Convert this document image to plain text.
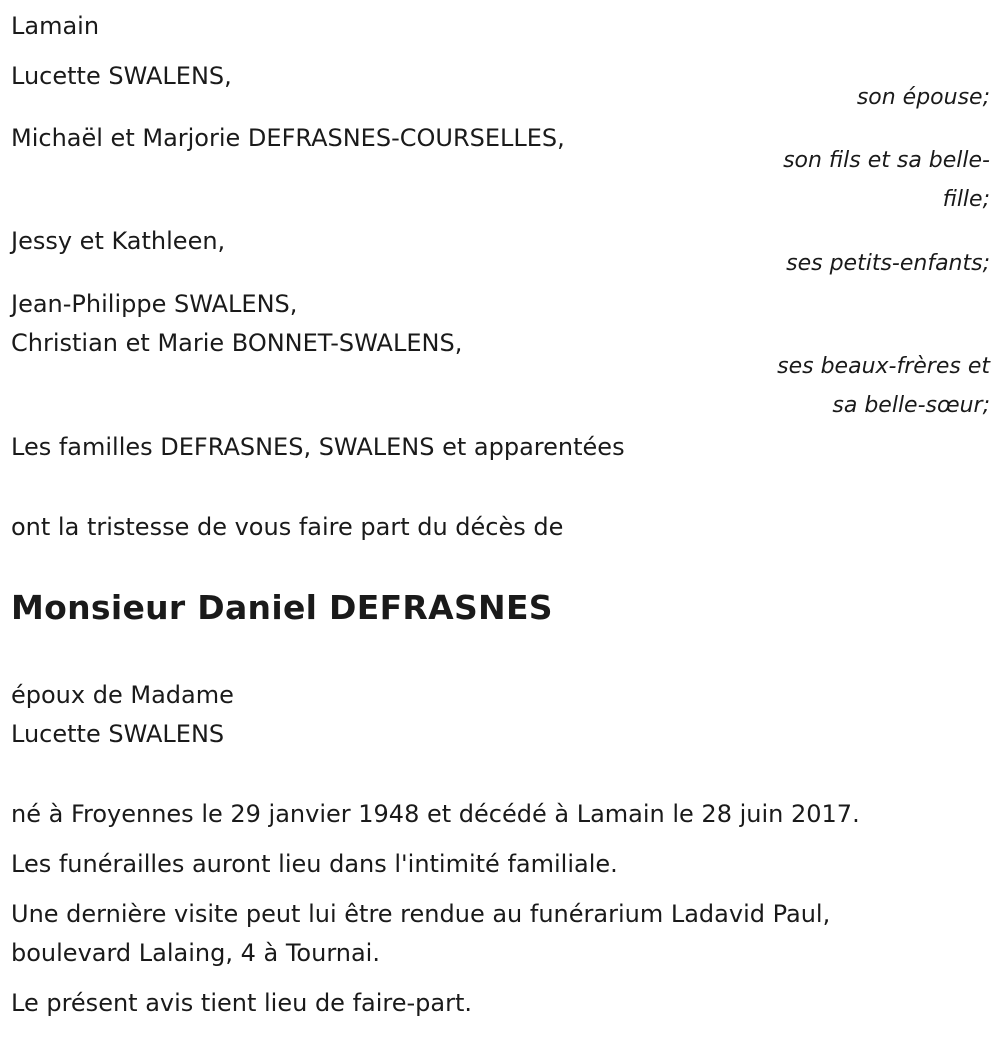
Lamain
Lucette SWALENS,
son épouse;
Michaël et Marjorie DEFRASNES-COURSELLES,
son fils et sa belle-
fille;
Jessy et Kathleen,
ses petits-enfants;
Jean-Philippe SWALENS,
Christian et Marie BONNET-SWALENS,
ses beaux-frères et
sa belle-sœur;
Les familles DEFRASNES, SWALENS et apparentées
ont la tristesse de vous faire part du décès de
Monsieur Daniel DEFRASNES
époux de Madame
Lucette SWALENS
né à Froyennes le 29 janvier 1948 et décédé à Lamain le 28 juin 2017.
Les funérailles auront lieu dans l'intimité familiale.
Une dernière visite peut lui être rendue au funérarium Ladavid Paul,
boulevard Lalaing, 4 à Tournai.
Le présent avis tient lieu de faire-part.
